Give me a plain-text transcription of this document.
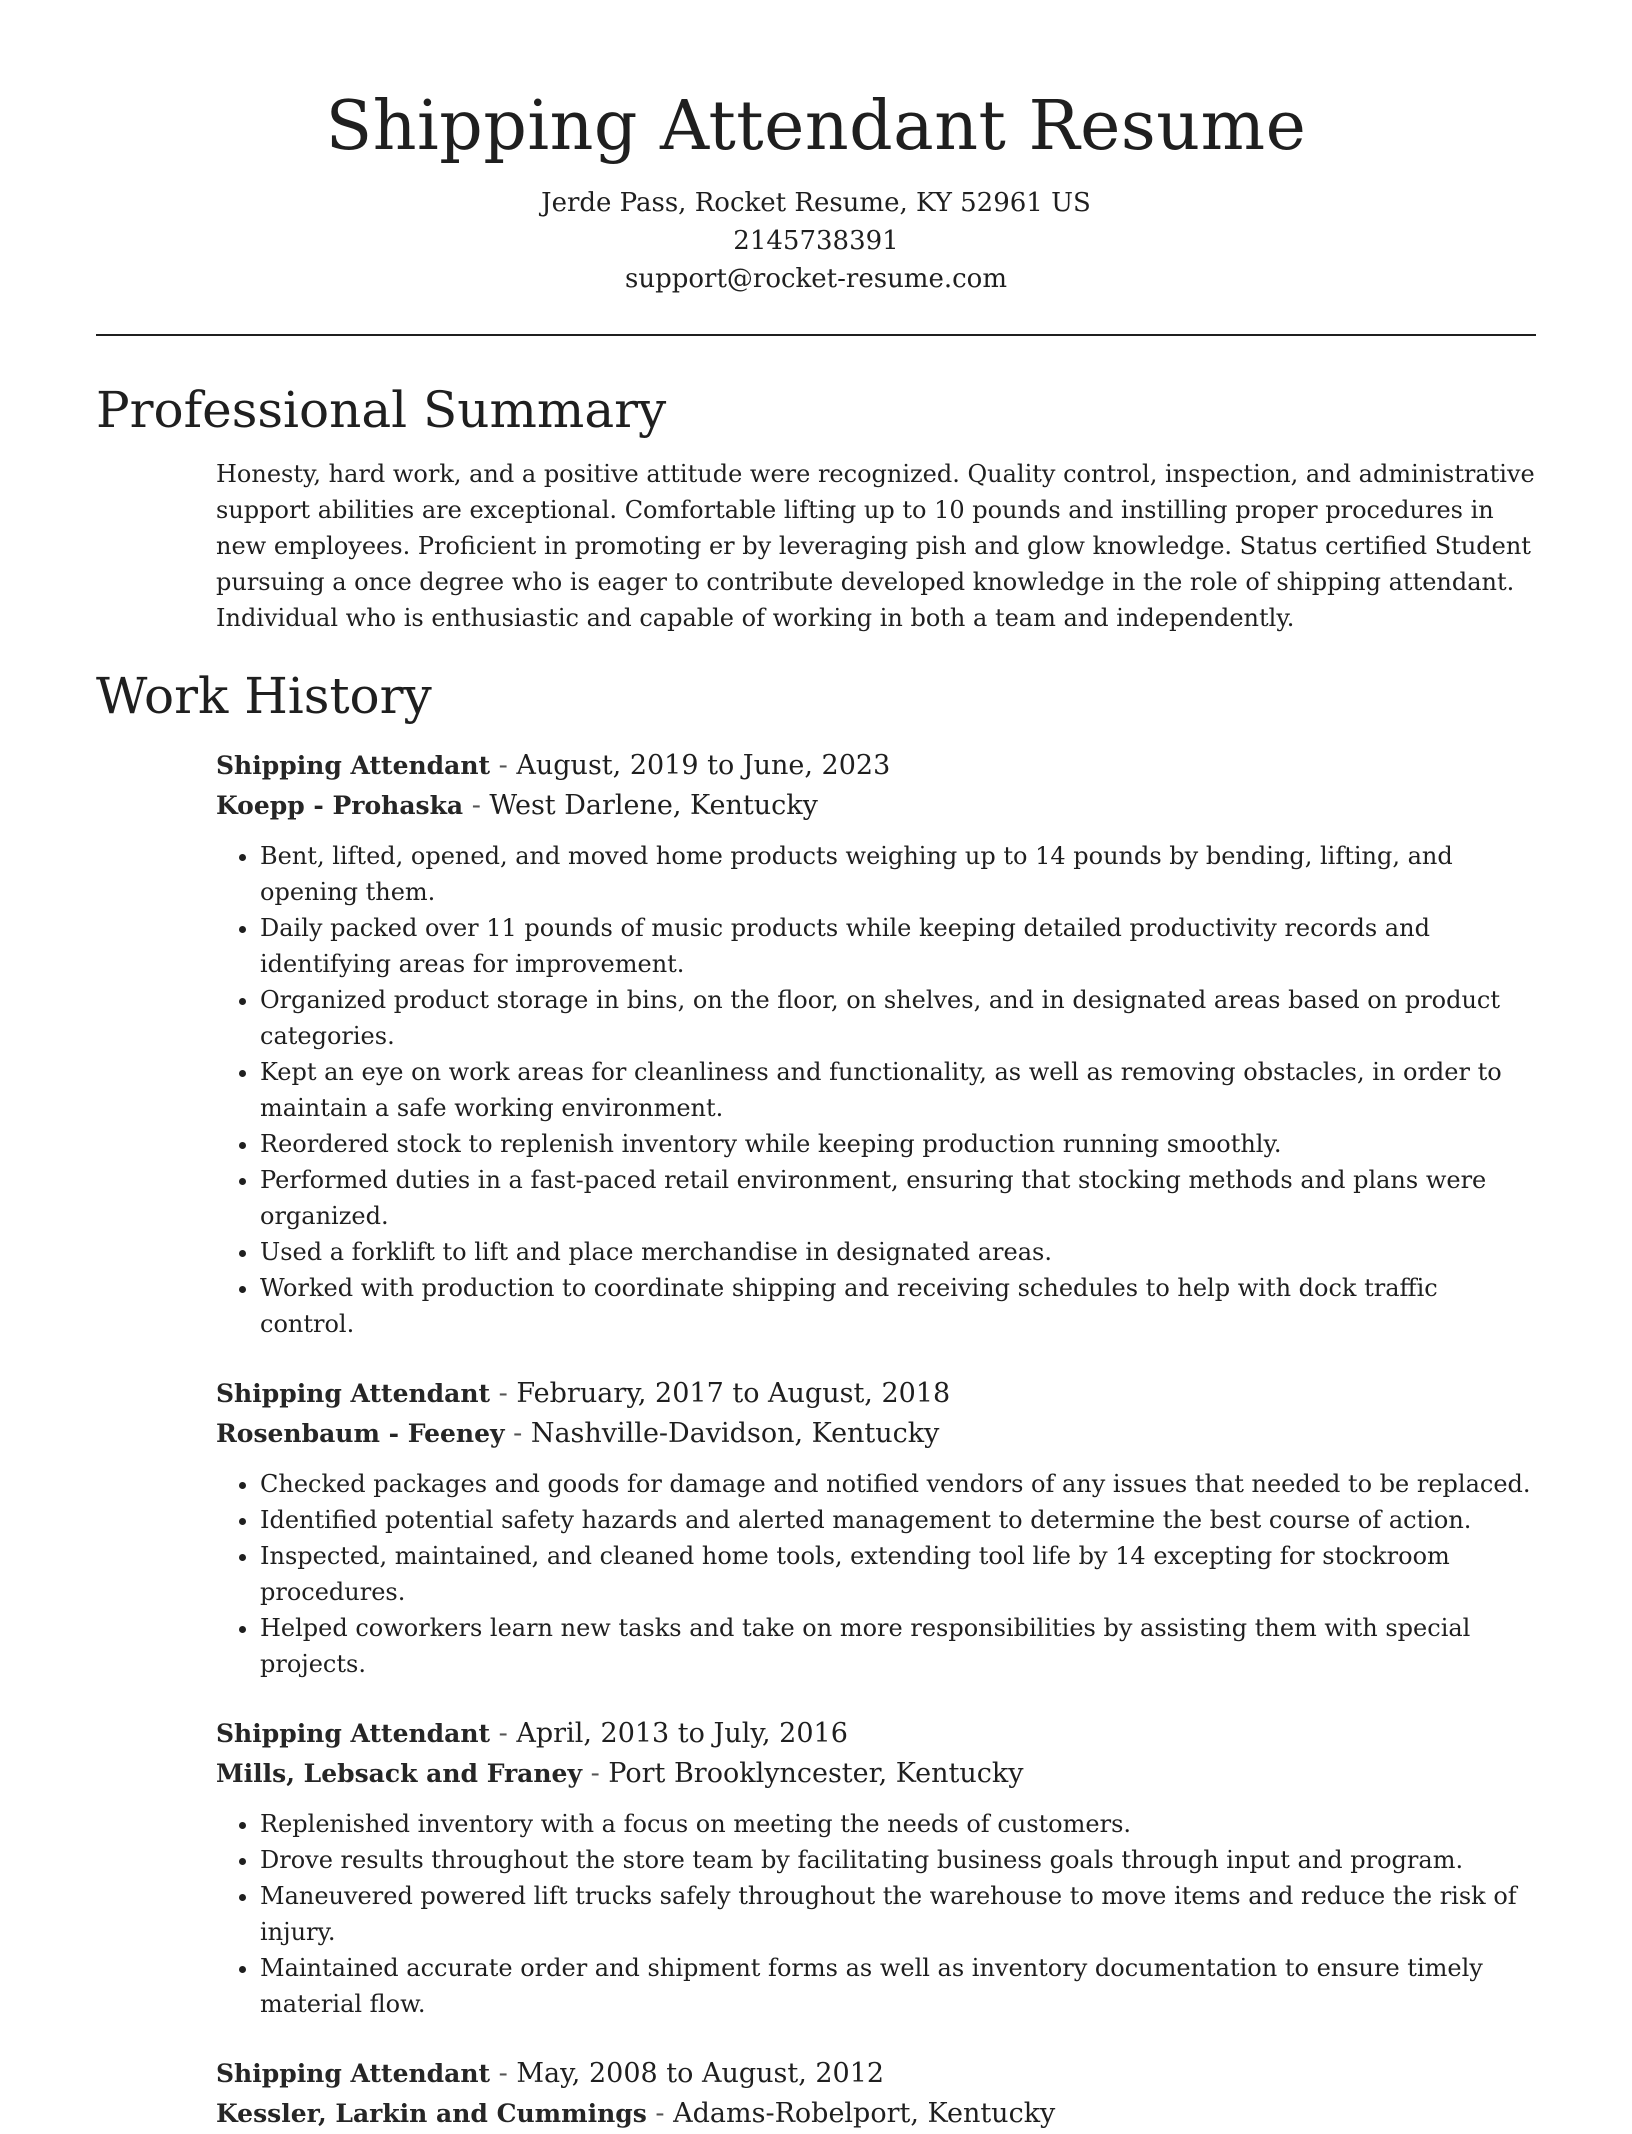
Shipping Attendant Resume
Jerde Pass, Rocket Resume, KY 52961 US
2145738391
support@rocket-resume.com
Professional Summary

Honesty, hard work, and a positive attitude were recognized. Quality control, inspection, and administrative support abilities are exceptional. Comfortable lifting up to 10 pounds and instilling proper procedures in new employees. Proficient in promoting er by leveraging pish and glow knowledge. Status certified Student pursuing a once degree who is eager to contribute developed knowledge in the role of shipping attendant. Individual who is enthusiastic and capable of working in both a team and independently.

Work History
Shipping Attendant - August, 2019 to June, 2023
Koepp - Prohaska - West Darlene, Kentucky
• Bent, lifted, opened, and moved home products weighing up to 14 pounds by bending, lifting, and opening them.
• Daily packed over 11 pounds of music products while keeping detailed productivity records and identifying areas for improvement.
• Organized product storage in bins, on the floor, on shelves, and in designated areas based on product categories.
• Kept an eye on work areas for cleanliness and functionality, as well as removing obstacles, in order to maintain a safe working environment.
• Reordered stock to replenish inventory while keeping production running smoothly.
• Performed duties in a fast-paced retail environment, ensuring that stocking methods and plans were organized.
• Used a forklift to lift and place merchandise in designated areas.
• Worked with production to coordinate shipping and receiving schedules to help with dock traffic control.
Shipping Attendant - February, 2017 to August, 2018
Rosenbaum - Feeney - Nashville-Davidson, Kentucky
• Checked packages and goods for damage and notified vendors of any issues that needed to be replaced.
• Identified potential safety hazards and alerted management to determine the best course of action.
• Inspected, maintained, and cleaned home tools, extending tool life by 14 excepting for stockroom procedures.
• Helped coworkers learn new tasks and take on more responsibilities by assisting them with special projects.
Shipping Attendant - April, 2013 to July, 2016
Mills, Lebsack and Franey - Port Brooklyncester, Kentucky
• Replenished inventory with a focus on meeting the needs of customers.
• Drove results throughout the store team by facilitating business goals through input and program.
• Maneuvered powered lift trucks safely throughout the warehouse to move items and reduce the risk of injury.
• Maintained accurate order and shipment forms as well as inventory documentation to ensure timely material flow.
Shipping Attendant - May, 2008 to August, 2012
Kessler, Larkin and Cummings - Adams-Robelport, Kentucky
